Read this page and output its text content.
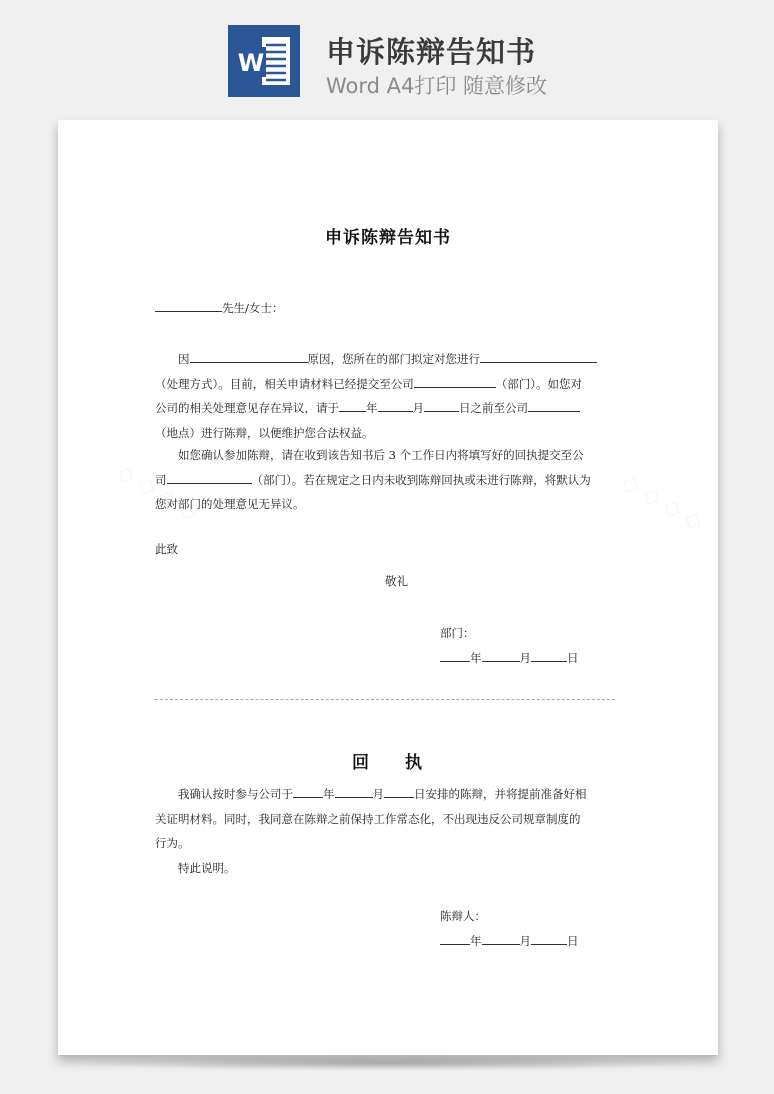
W 申诉陈辩告知书
Word A4打印 随意修改
申诉陈辩告知书
先生/女士：
因	原因，您所在的部门拟定对您进行
（处理方式）。目前，相关申请材料已经提交至公司	（部门）。如您对
公司的相关处理意见存在异议，请于 年	月	日之前至公司
（地点）进行陈辩，以便维护您合法权益。
如您确认参加陈辩，请在收到该告知书后 3 个工作日内将填写好的回执提交至公
司	（部门）。若在规定之日内未收到陈辩回执或未进行陈辩，将默认为
您对部门的处理意见无异议。
此致
敬礼
部门：
年	月	日
回 执
我确认按时参与公司于	年	月	日安排的陈辩，并将提前准备好相
关证明材料。同时，我同意在陈辩之前保持工作常态化，不出现违反公司规章制度的
行为。
特此说明。
陈辩人：
年	月	日
